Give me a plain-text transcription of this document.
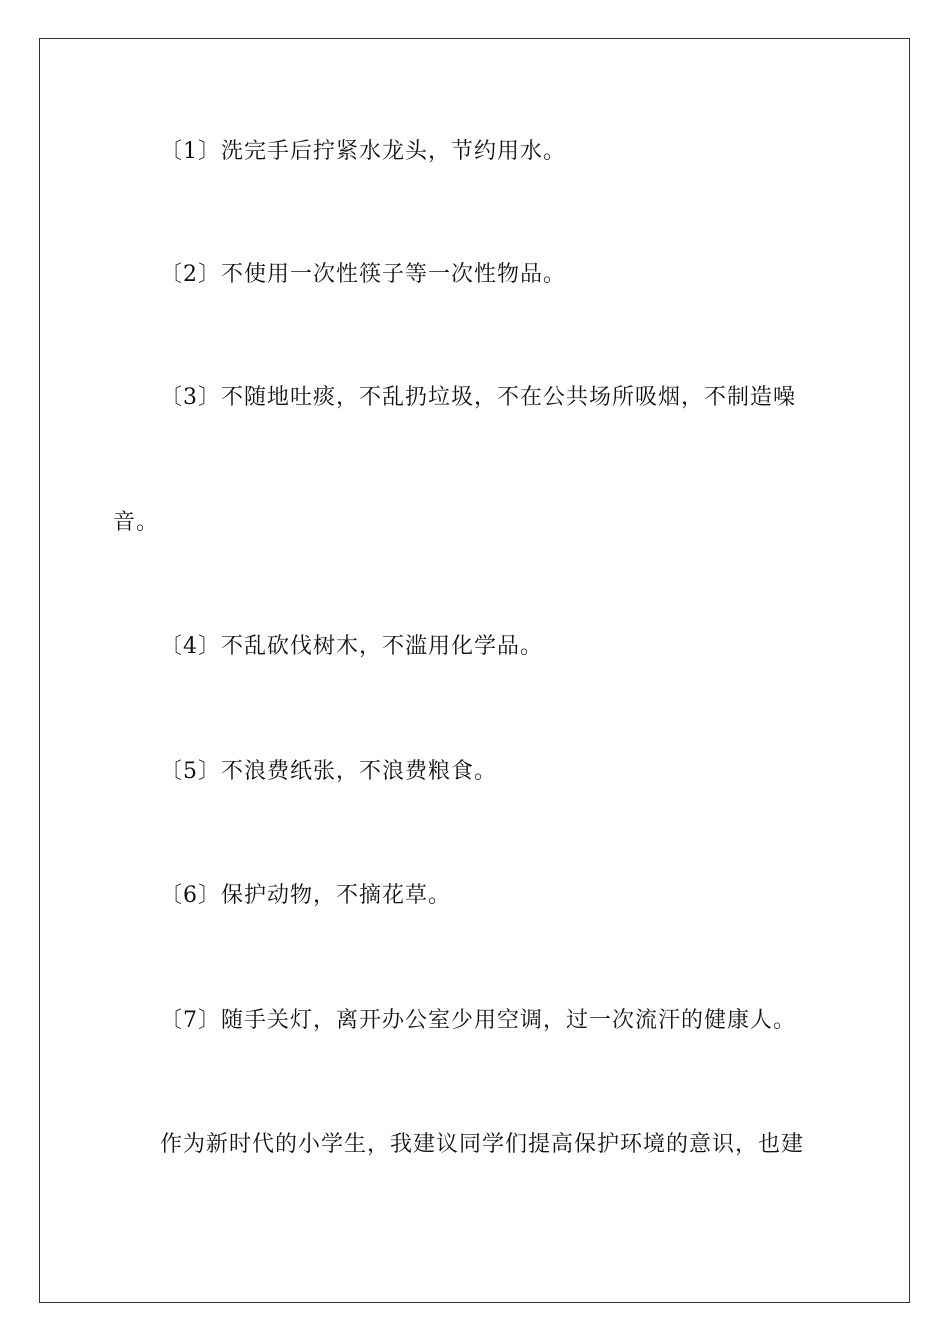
〔1〕洗完手后拧紧水龙头，节约用水。
〔2〕不使用一次性筷子等一次性物品。
〔3〕不随地吐痰，不乱扔垃圾，不在公共场所吸烟，不制造噪
音。
〔4〕不乱砍伐树木，不滥用化学品。
〔5〕不浪费纸张，不浪费粮食。
〔6〕保护动物，不摘花草。
〔7〕随手关灯，离开办公室少用空调，过一次流汗的健康人。
作为新时代的小学生，我建议同学们提高保护环境的意识，也建
